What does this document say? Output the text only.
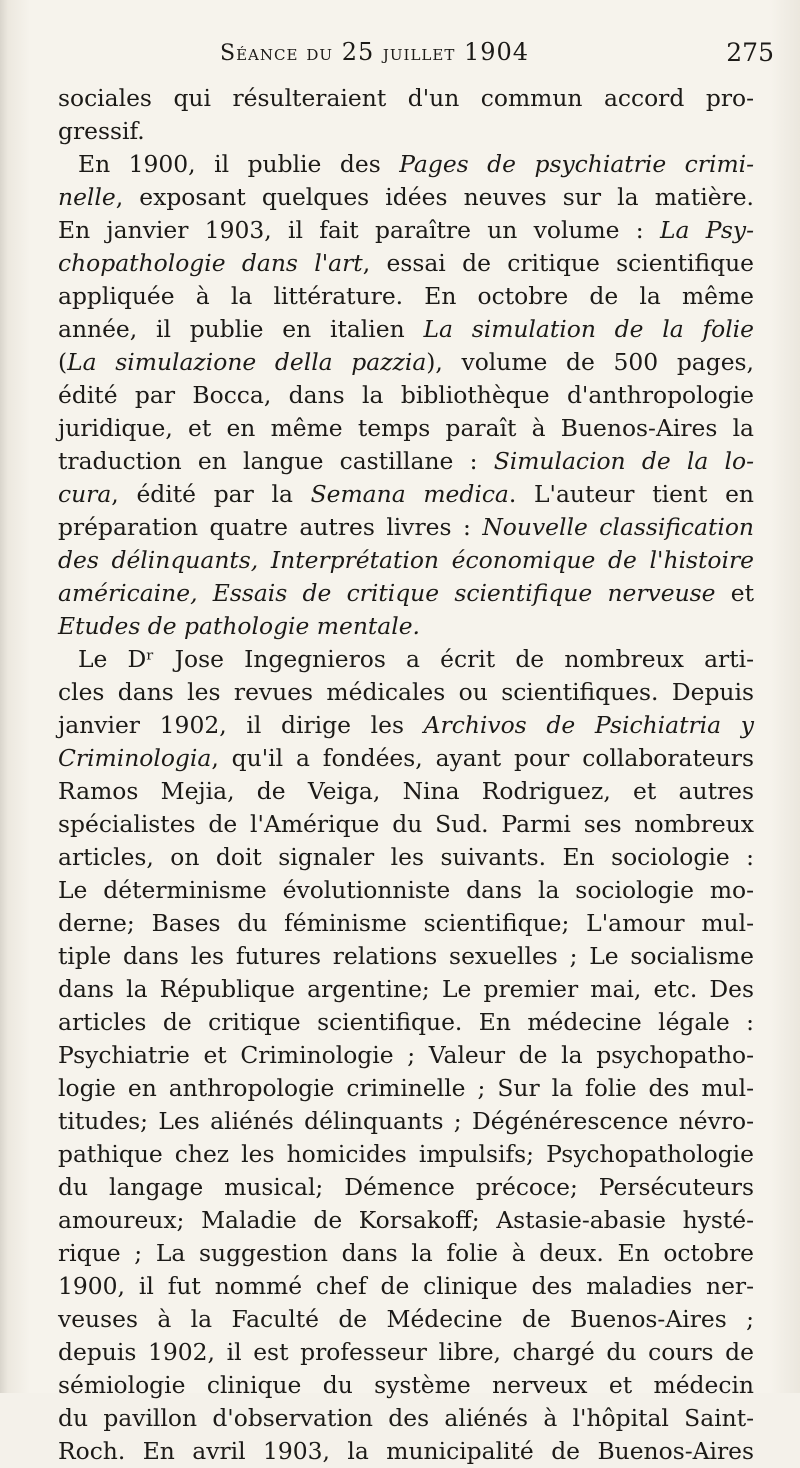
Séance du 25 juillet 1904	275
sociales qui résulteraient d'un commun accord pro-
gressif.
En 1900, il publie des Pages de psychiatrie crimi-
nelle, exposant quelques idées neuves sur la matière.
En janvier 1903, il fait paraître un volume : La Psy-
chopathologie dans l'art, essai de critique scientifique
appliquée à la littérature. En octobre de la même
année, il publie en italien La simulation de la folie
(La simulazione della pazzia), volume de 500 pages,
édité par Bocca, dans la bibliothèque d'anthropologie
juridique, et en même temps paraît à Buenos-Aires la
traduction en langue castillane : Simulacion de la lo-
cura, édité par la Semana medica. L'auteur tient en
préparation quatre autres livres : Nouvelle classification
des délinquants, Interprétation économique de l'histoire
américaine, Essais de critique scientifique nerveuse et
Etudes de pathologie mentale.
Le Dʳ Jose Ingegnieros a écrit de nombreux arti-
cles dans les revues médicales ou scientifiques. Depuis
janvier 1902, il dirige les Archivos de Psichiatria y
Criminologia, qu'il a fondées, ayant pour collaborateurs
Ramos Mejia, de Veiga, Nina Rodriguez, et autres
spécialistes de l'Amérique du Sud. Parmi ses nombreux
articles, on doit signaler les suivants. En sociologie :
Le déterminisme évolutionniste dans la sociologie mo-
derne; Bases du féminisme scientifique; L'amour mul-
tiple dans les futures relations sexuelles ; Le socialisme
dans la République argentine; Le premier mai, etc. Des
articles de critique scientifique. En médecine légale :
Psychiatrie et Criminologie ; Valeur de la psychopatho-
logie en anthropologie criminelle ; Sur la folie des mul-
titudes; Les aliénés délinquants ; Dégénérescence névro-
pathique chez les homicides impulsifs; Psychopathologie
du langage musical; Démence précoce; Persécuteurs
amoureux; Maladie de Korsakoff; Astasie-abasie hysté-
rique ; La suggestion dans la folie à deux. En octobre
1900, il fut nommé chef de clinique des maladies ner-
veuses à la Faculté de Médecine de Buenos-Aires ;
depuis 1902, il est professeur libre, chargé du cours de
sémiologie clinique du système nerveux et médecin
du pavillon d'observation des aliénés à l'hôpital Saint-
Roch. En avril 1903, la municipalité de Buenos-Aires
